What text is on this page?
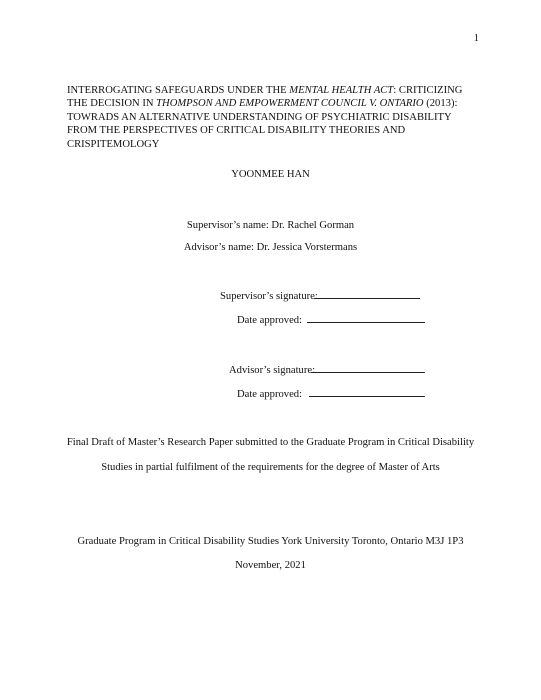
1
INTERROGATING SAFEGUARDS UNDER THE MENTAL HEALTH ACT: CRITICIZING
THE DECISION IN THOMPSON AND EMPOWERMENT COUNCIL V. ONTARIO (2013):
TOWRADS AN ALTERNATIVE UNDERSTANDING OF PSYCHIATRIC DISABILITY
FROM THE PERSPECTIVES OF CRITICAL DISABILITY THEORIES AND
CRISPITEMOLOGY
YOONMEE HAN
Supervisor’s name: Dr. Rachel Gorman
Advisor’s name: Dr. Jessica Vorstermans
Supervisor’s signature:
Date approved:
Advisor’s signature:
Date approved:
Final Draft of Master’s Research Paper submitted to the Graduate Program in Critical Disability
Studies in partial fulfilment of the requirements for the degree of Master of Arts
Graduate Program in Critical Disability Studies York University Toronto, Ontario M3J 1P3
November, 2021
